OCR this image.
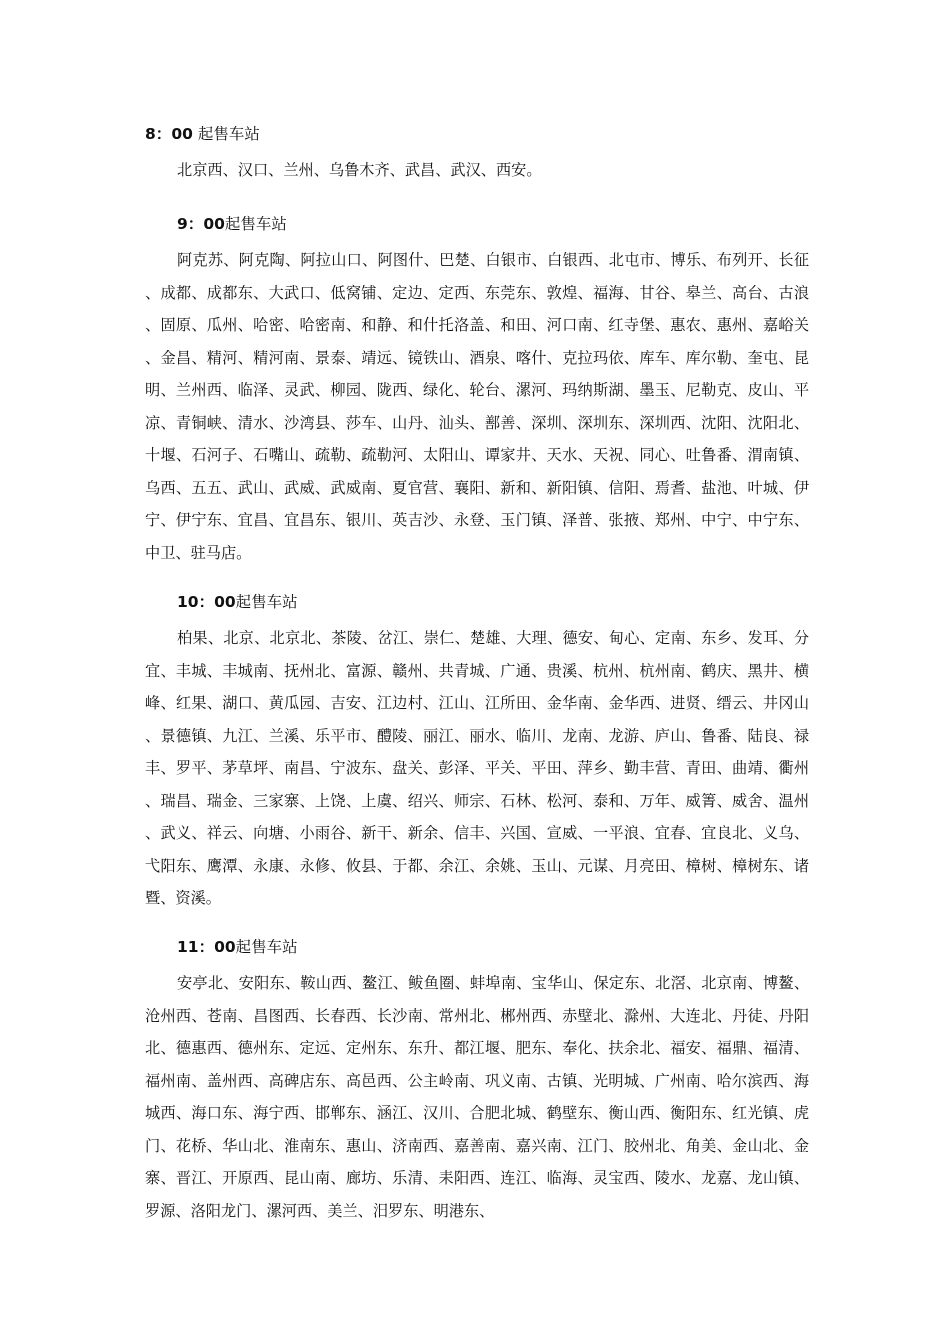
8：00 起售车站

北京西、汉口、兰州、乌鲁木齐、武昌、武汉、西安。

9：00起售车站

阿克苏、阿克陶、阿拉山口、阿图什、巴楚、白银市、白银西、北屯市、博乐、布列开、长征、成都、成都东、大武口、低窝铺、定边、定西、东莞东、敦煌、福海、甘谷、皋兰、高台、古浪、固原、瓜州、哈密、哈密南、和静、和什托洛盖、和田、河口南、红寺堡、惠农、惠州、嘉峪关、金昌、精河、精河南、景泰、靖远、镜铁山、酒泉、喀什、克拉玛依、库车、库尔勒、奎屯、昆明、兰州西、临泽、灵武、柳园、陇西、绿化、轮台、漯河、玛纳斯湖、墨玉、尼勒克、皮山、平凉、青铜峡、清水、沙湾县、莎车、山丹、汕头、鄯善、深圳、深圳东、深圳西、沈阳、沈阳北、十堰、石河子、石嘴山、疏勒、疏勒河、太阳山、谭家井、天水、天祝、同心、吐鲁番、渭南镇、乌西、五五、武山、武威、武威南、夏官营、襄阳、新和、新阳镇、信阳、焉耆、盐池、叶城、伊宁、伊宁东、宜昌、宜昌东、银川、英吉沙、永登、玉门镇、泽普、张掖、郑州、中宁、中宁东、中卫、驻马店。

10：00起售车站

柏果、北京、北京北、茶陵、岔江、崇仁、楚雄、大理、德安、甸心、定南、东乡、发耳、分宜、丰城、丰城南、抚州北、富源、赣州、共青城、广通、贵溪、杭州、杭州南、鹤庆、黑井、横峰、红果、湖口、黄瓜园、吉安、江边村、江山、江所田、金华南、金华西、进贤、缙云、井冈山、景德镇、九江、兰溪、乐平市、醴陵、丽江、丽水、临川、龙南、龙游、庐山、鲁番、陆良、禄丰、罗平、茅草坪、南昌、宁波东、盘关、彭泽、平关、平田、萍乡、勤丰营、青田、曲靖、衢州、瑞昌、瑞金、三家寨、上饶、上虞、绍兴、师宗、石林、松河、泰和、万年、威箐、威舍、温州、武义、祥云、向塘、小雨谷、新干、新余、信丰、兴国、宣威、一平浪、宜春、宜良北、义乌、弋阳东、鹰潭、永康、永修、攸县、于都、余江、余姚、玉山、元谋、月亮田、樟树、樟树东、诸暨、资溪。

11：00起售车站

安亭北、安阳东、鞍山西、鳌江、鲅鱼圈、蚌埠南、宝华山、保定东、北滘、北京南、博鳌、沧州西、苍南、昌图西、长春西、长沙南、常州北、郴州西、赤壁北、滁州、大连北、丹徒、丹阳北、德惠西、德州东、定远、定州东、东升、都江堰、肥东、奉化、扶余北、福安、福鼎、福清、福州南、盖州西、高碑店东、高邑西、公主岭南、巩义南、古镇、光明城、广州南、哈尔滨西、海城西、海口东、海宁西、邯郸东、涵江、汉川、合肥北城、鹤壁东、衡山西、衡阳东、红光镇、虎门、花桥、华山北、淮南东、惠山、济南西、嘉善南、嘉兴南、江门、胶州北、角美、金山北、金寨、晋江、开原西、昆山南、廊坊、乐清、耒阳西、连江、临海、灵宝西、陵水、龙嘉、龙山镇、罗源、洛阳龙门、漯河西、美兰、汨罗东、明港东、
